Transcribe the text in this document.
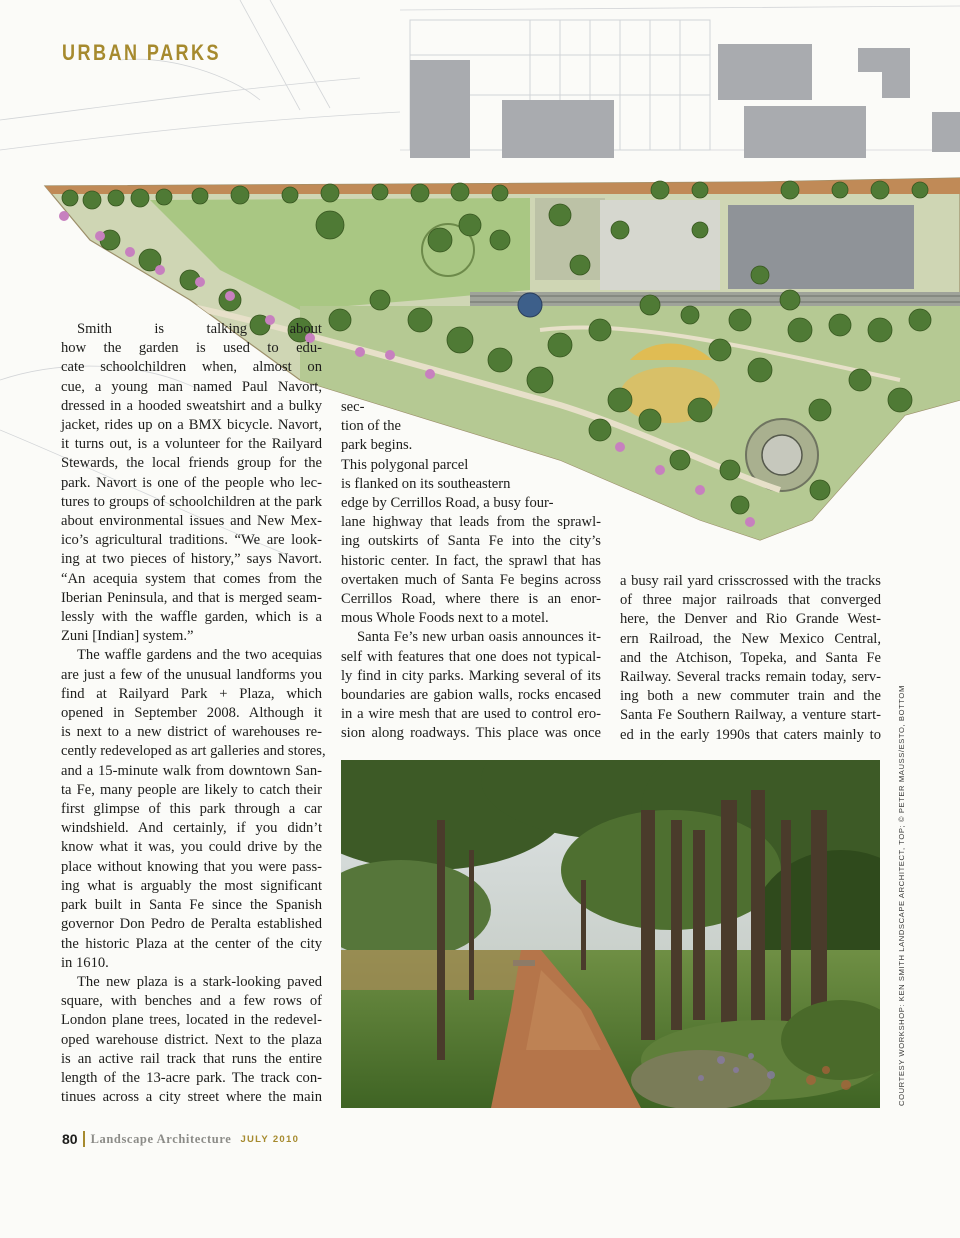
URBAN PARKS

Smith is talking about
how the garden is used to edu-
cate schoolchildren when, almost on
cue, a young man named Paul Navort,
dressed in a hooded sweatshirt and a bulky
jacket, rides up on a BMX bicycle. Navort,
it turns out, is a volunteer for the Railyard
Stewards, the local friends group for the
park. Navort is one of the people who lec-
tures to groups of schoolchildren at the park
about environmental issues and New Mex-
ico’s agricultural traditions. “We are look-
ing at two pieces of history,” says Navort.
“An acequia system that comes from the
Iberian Peninsula, and that is merged seam-
lessly with the waffle garden, which is a
Zuni [Indian] system.”

The waffle gardens and the two acequias
are just a few of the unusual landforms you
find at Railyard Park + Plaza, which
opened in September 2008. Although it
is next to a new district of warehouses re-
cently redeveloped as art galleries and stores,
and a 15-minute walk from downtown San-
ta Fe, many people are likely to catch their
first glimpse of this park through a car
windshield. And certainly, if you didn’t
know what it was, you could drive by the
place without knowing that you were pass-
ing what is arguably the most significant
park built in Santa Fe since the Spanish
governor Don Pedro de Peralta established
the historic Plaza at the center of the city
in 1610.

The new plaza is a stark-looking paved
square, with benches and a few rows of
London plane trees, located in the redevel-
oped warehouse district. Next to the plaza
is an active rail track that runs the entire
length of the 13-acre park. The track con-
tinues across a city street where the main

sec-
tion of the
park begins.
This polygonal parcel
is flanked on its southeastern
edge by Cerrillos Road, a busy four-
lane highway that leads from the sprawl-
ing outskirts of Santa Fe into the city’s
historic center. In fact, the sprawl that has
overtaken much of Santa Fe begins across
Cerrillos Road, where there is an enor-
mous Whole Foods next to a motel.

Santa Fe’s new urban oasis announces it-
self with features that one does not typical-
ly find in city parks. Marking several of its
boundaries are gabion walls, rocks encased
in a wire mesh that are used to control ero-
sion along roadways. This place was once

a busy rail yard crisscrossed with the tracks
of three major railroads that converged
here, the Denver and Rio Grande West-
ern Railroad, the New Mexico Central,
and the Atchison, Topeka, and Santa Fe
Railway. Several tracks remain today, serv-
ing both a new commuter train and the
Santa Fe Southern Railway, a venture start-
ed in the early 1990s that caters mainly to COURTESY WORKSHOP: KEN SMITH LANDSCAPE ARCHITECT, TOP; © PETER MAUSS/ESTO, BOTTOM
80 Landscape Architecture JULY 2010
